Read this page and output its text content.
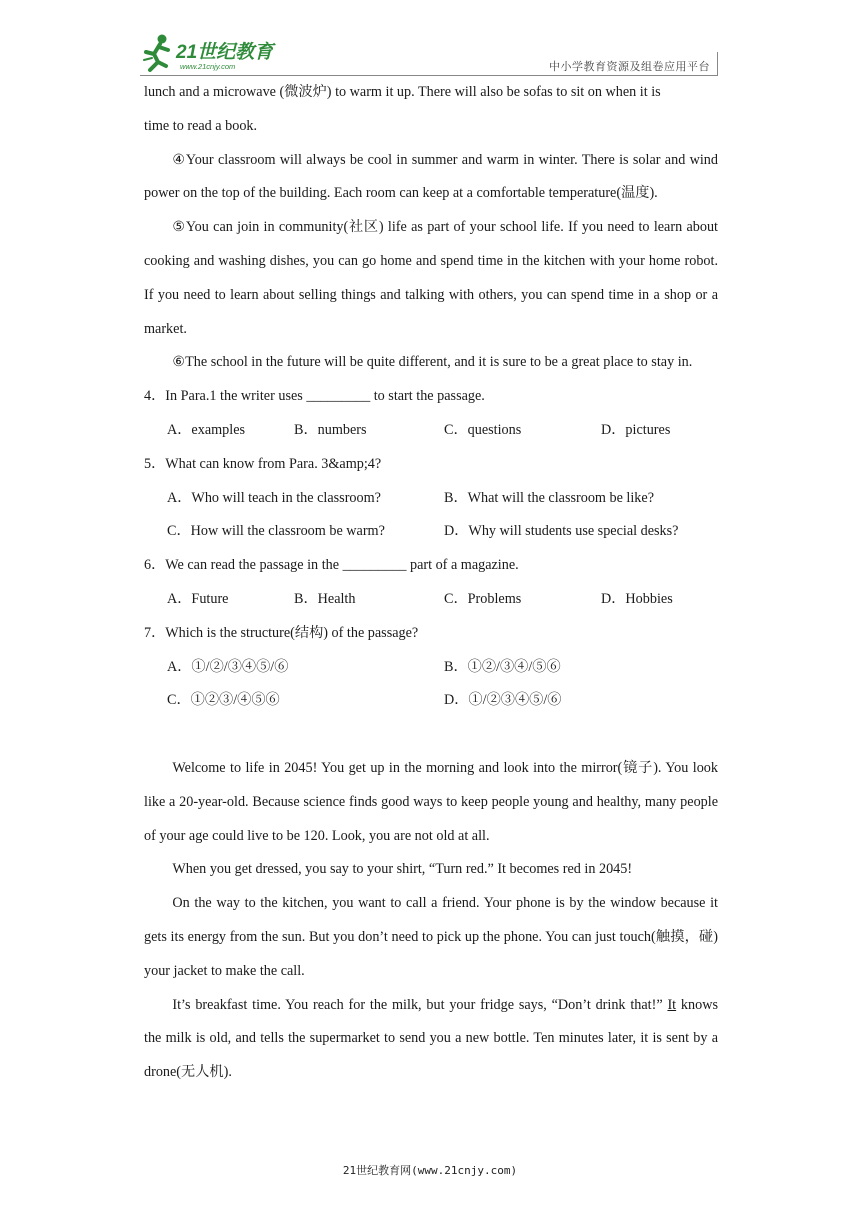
21世纪教育
www.21cnjy.com	中小学教育资源及组卷应用平台

lunch and a microwave (微波炉) to warm it up. There will also be sofas to sit on when it is

time to read a book.

④Your classroom will always be cool in summer and warm in winter. There is solar and wind power on the top of the building. Each room can keep at a comfortable temperature(温度).

⑤You can join in community(社区) life as part of your school life. If you need to learn about cooking and washing dishes, you can go home and spend time in the kitchen with your home robot. If you need to learn about selling things and talking with others, you can spend time in a shop or a market.

⑥The school in the future will be quite different, and it is sure to be a great place to stay in.

4．In Para.1 the writer uses _________ to start the passage.

A．examples	B．numbers	C．questions	D．pictures

5．What can know from Para. 3&amp;4?

A．Who will teach in the classroom?	B．What will the classroom be like?
C．How will the classroom be warm?	D．Why will students use special desks?

6．We can read the passage in the _________ part of a magazine.

A．Future	B．Health	C．Problems	D．Hobbies

7．Which is the structure(结构) of the passage?

A．①/②/③④⑤/⑥	B．①②/③④/⑤⑥
C．①②③/④⑤⑥	D．①/②③④⑤/⑥

Welcome to life in 2045! You get up in the morning and look into the mirror(镜子). You look like a 20-year-old. Because science finds good ways to keep people young and healthy, many people of your age could live to be 120. Look, you are not old at all.

When you get dressed, you say to your shirt, “Turn red.” It becomes red in 2045!

On the way to the kitchen, you want to call a friend. Your phone is by the window because it gets its energy from the sun. But you don’t need to pick up the phone. You can just touch(触摸，碰) your jacket to make the call.

It’s breakfast time. You reach for the milk, but your fridge says, “Don’t drink that!” It knows the milk is old, and tells the supermarket to send you a new bottle. Ten minutes later, it is sent by a drone(无人机).

21世纪教育网(www.21cnjy.com)
